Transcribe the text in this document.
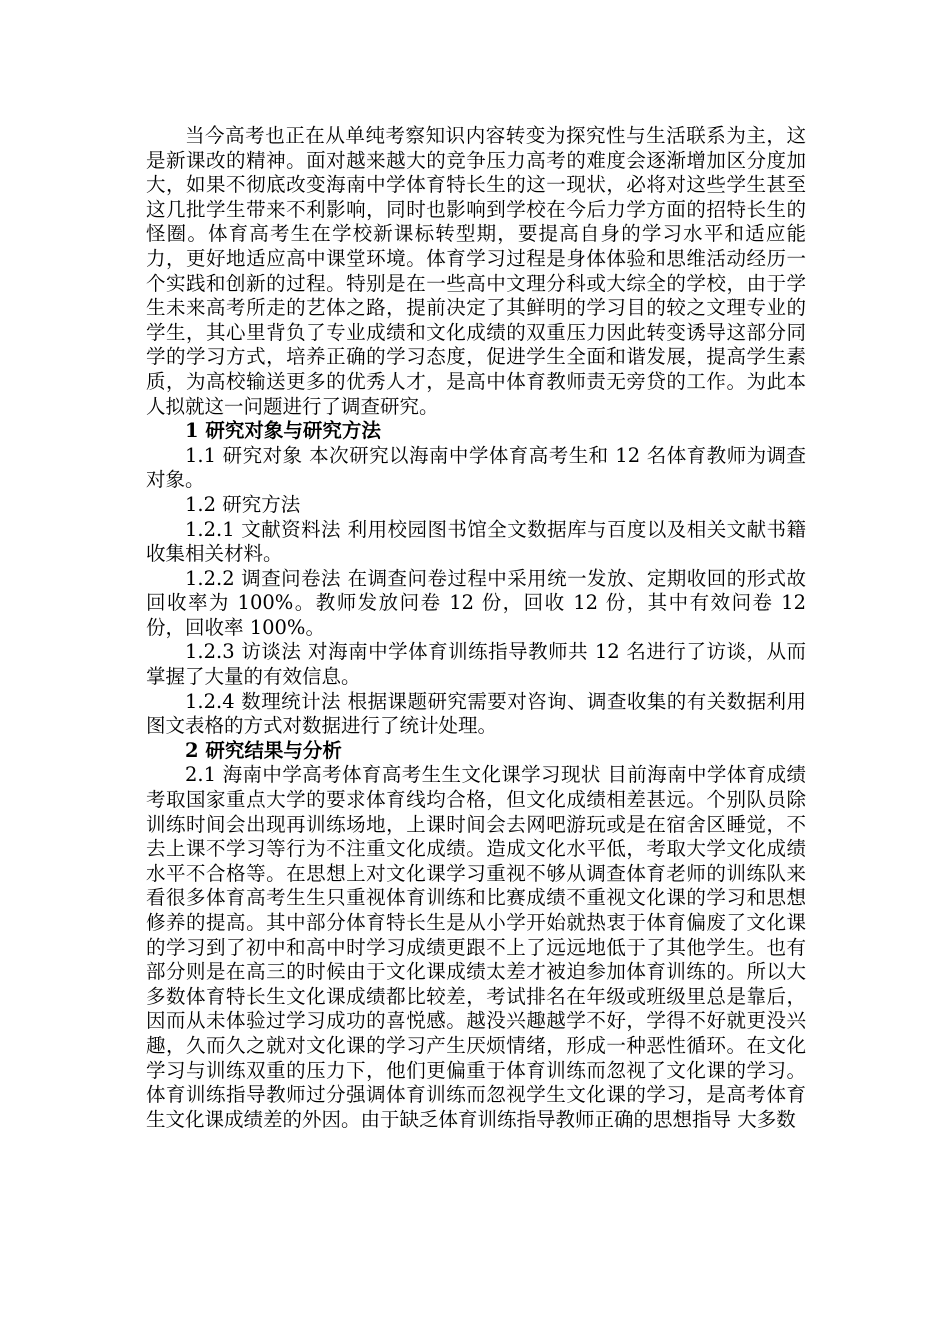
当今高考也正在从单纯考察知识内容转变为探究性与生活联系为主，这是新课改的精神。面对越来越大的竞争压力高考的难度会逐渐增加区分度加大，如果不彻底改变海南中学体育特长生的这一现状，必将对这些学生甚至这几批学生带来不利影响，同时也影响到学校在今后力学方面的招特长生的怪圈。体育高考生在学校新课标转型期，要提高自身的学习水平和适应能力，更好地适应高中课堂环境。体育学习过程是身体体验和思维活动经历一个实践和创新的过程。特别是在一些高中文理分科或大综全的学校，由于学生未来高考所走的艺体之路，提前决定了其鲜明的学习目的较之文理专业的学生，其心里背负了专业成绩和文化成绩的双重压力因此转变诱导这部分同学的学习方式，培养正确的学习态度，促进学生全面和谐发展，提高学生素质，为高校输送更多的优秀人才，是高中体育教师责无旁贷的工作。为此本人拟就这一问题进行了调查研究。

1 研究对象与研究方法

1.1 研究对象 本次研究以海南中学体育高考生和 12 名体育教师为调查对象。

1.2 研究方法

1.2.1 文献资料法 利用校园图书馆全文数据库与百度以及相关文献书籍收集相关材料。

1.2.2 调查问卷法 在调查问卷过程中采用统一发放、定期收回的形式故回收率为 100%。教师发放问卷 12 份，回收 12 份，其中有效问卷 12 份，回收率 100%。

1.2.3 访谈法 对海南中学体育训练指导教师共 12 名进行了访谈，从而掌握了大量的有效信息。

1.2.4 数理统计法 根据课题研究需要对咨询、调查收集的有关数据利用图文表格的方式对数据进行了统计处理。

2 研究结果与分析

2.1 海南中学高考体育高考生生文化课学习现状 目前海南中学体育成绩考取国家重点大学的要求体育线均合格，但文化成绩相差甚远。个别队员除训练时间会出现再训练场地，上课时间会去网吧游玩或是在宿舍区睡觉，不去上课不学习等行为不注重文化成绩。造成文化水平低，考取大学文化成绩水平不合格等。在思想上对文化课学习重视不够从调查体育老师的训练队来看很多体育高考生生只重视体育训练和比赛成绩不重视文化课的学习和思想修养的提高。其中部分体育特长生是从小学开始就热衷于体育偏废了文化课的学习到了初中和高中时学习成绩更跟不上了远远地低于了其他学生。也有部分则是在高三的时候由于文化课成绩太差才被迫参加体育训练的。所以大多数体育特长生文化课成绩都比较差，考试排名在年级或班级里总是靠后，因而从未体验过学习成功的喜悦感。越没兴趣越学不好，学得不好就更没兴趣，久而久之就对文化课的学习产生厌烦情绪，形成一种恶性循环。在文化学习与训练双重的压力下，他们更偏重于体育训练而忽视了文化课的学习。体育训练指导教师过分强调体育训练而忽视学生文化课的学习，是高考体育生文化课成绩差的外因。由于缺乏体育训练指导教师正确的思想指导 大多数
